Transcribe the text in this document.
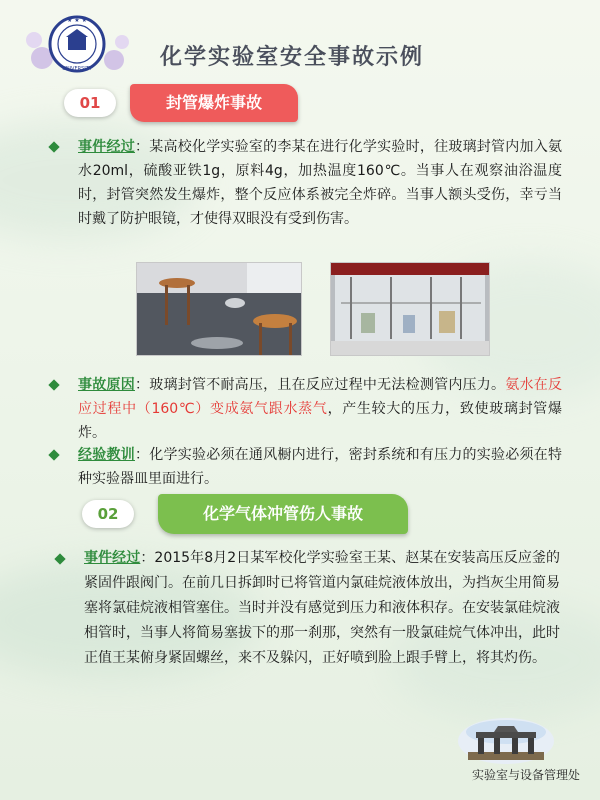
★ ★ ★
UNIVERSITY	化学实验室安全事故示例
01	封管爆炸事故
事件经过：某高校化学实验室的李某在进行化学实验时，往玻璃封管内加入氨水20ml，硫酸亚铁1g，原料4g，加热温度160℃。当事人在观察油浴温度时，封管突然发生爆炸，整个反应体系被完全炸碎。当事人额头受伤，幸亏当时戴了防护眼镜，才使得双眼没有受到伤害。
事故原因：玻璃封管不耐高压，且在反应过程中无法检测管内压力。氨水在反应过程中（160℃）变成氨气跟水蒸气，产生较大的压力，致使玻璃封管爆炸。
经验教训：化学实验必须在通风橱内进行，密封系统和有压力的实验必须在特种实验器皿里面进行。
02	化学气体冲管伤人事故
事件经过：2015年8月2日某军校化学实验室王某、赵某在安装高压反应釜的紧固件跟阀门。在前几日拆卸时已将管道内氯硅烷液体放出，为挡灰尘用简易塞将氯硅烷液相管塞住。当时并没有感觉到压力和液体积存。在安装氯硅烷液相管时，当事人将简易塞拔下的那一刹那，突然有一股氯硅烷气体冲出，此时正值王某俯身紧固螺丝，来不及躲闪，正好喷到脸上跟手臂上，将其灼伤。
实验室与设备管理处
